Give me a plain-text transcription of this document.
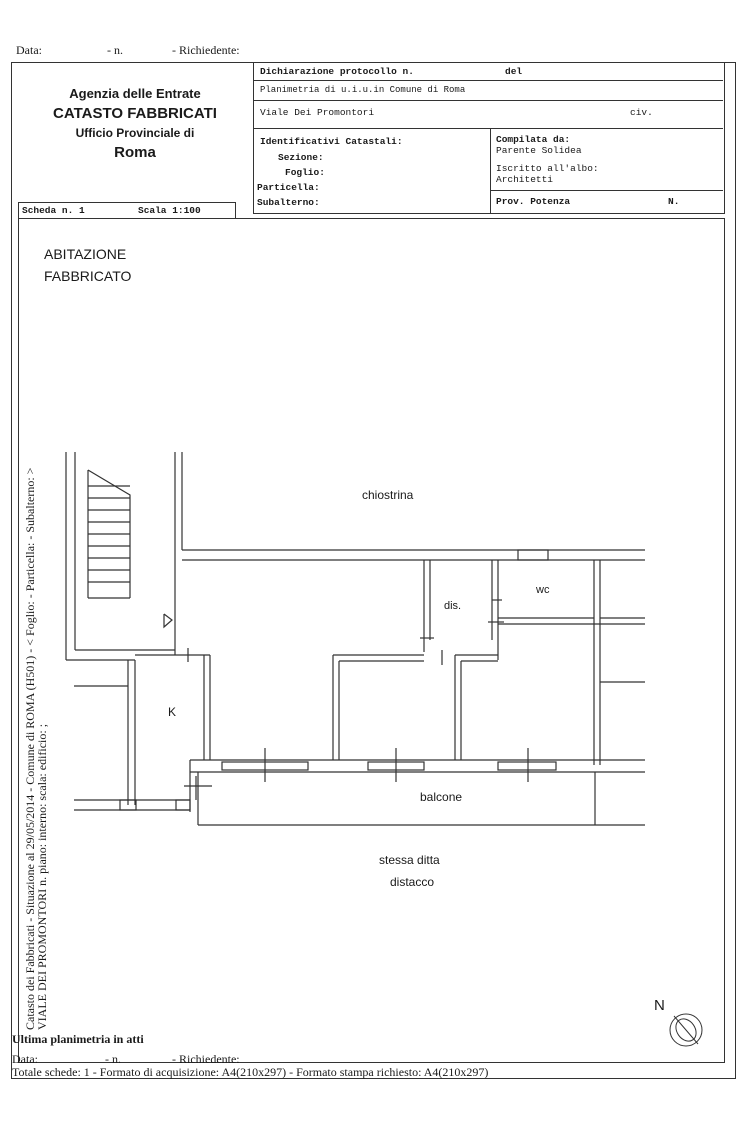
Data:	- n.	- Richiedente:
Agenzia delle Entrate
CATASTO FABBRICATI
Ufficio Provinciale di
Roma
Dichiarazione protocollo n.	del
Planimetria di u.i.u.in Comune di Roma
Viale Dei Promontori	civ.
Identificativi Catastali:
Sezione:
Foglio:
Particella:
Subalterno:
Compilata da:
Parente Solidea
Iscritto all'albo:
Architetti
Prov. Potenza	N.
Scheda n. 1	Scala 1:100
ABITAZIONE
FABBRICATO
chiostrina
dis.
wc
K
balcone
stessa ditta
distacco
N
Catasto dei Fabbricati - Situazione al 29/05/2014 - Comune di ROMA (H501) - < Foglio: - Particella: - Subalterno: >
VIALE DEI PROMONTORI n. piano: interno: scala: edificio: ;
Ultima planimetria in atti
Data:	- n.	- Richiedente:
Totale schede: 1 - Formato di acquisizione: A4(210x297) - Formato stampa richiesto: A4(210x297)
